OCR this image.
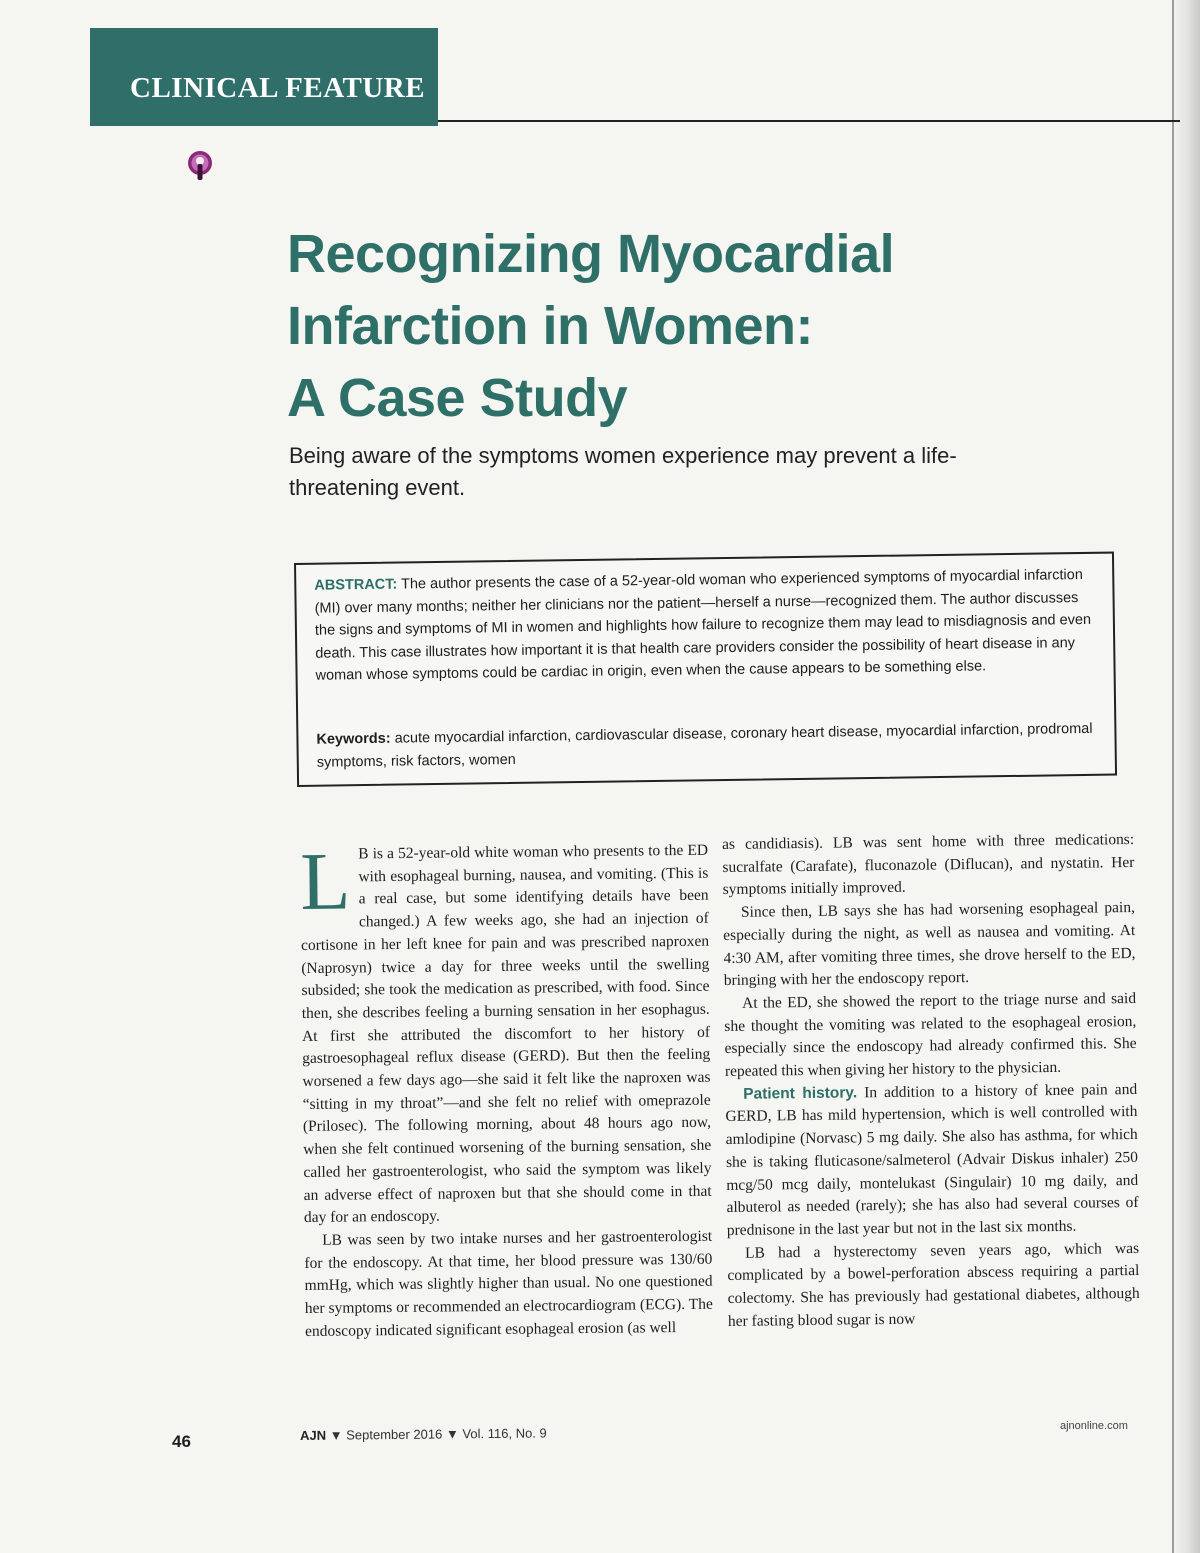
CLINICAL FEATURE
Recognizing Myocardial
Infarction in Women:
A Case Study
Being aware of the symptoms women experience may prevent a life-threatening event.
ABSTRACT: The author presents the case of a 52-year-old woman who experienced symptoms of myocardial infarction (MI) over many months; neither her clinicians nor the patient—herself a nurse—recognized them. The author discusses the signs and symptoms of MI in women and highlights how failure to recognize them may lead to misdiagnosis and even death. This case illustrates how important it is that health care providers consider the possibility of heart disease in any woman whose symptoms could be cardiac in origin, even when the cause appears to be something else.
Keywords: acute myocardial infarction, cardiovascular disease, coronary heart disease, myocardial infarction, prodromal symptoms, risk factors, women

L B is a 52-year-old white woman who presents to the ED with esophageal burning, nausea, and vomiting. (This is a real case, but some identifying details have been changed.) A few weeks ago, she had an injection of cortisone in her left knee for pain and was prescribed naproxen (Naprosyn) twice a day for three weeks until the swelling subsided; she took the medication as prescribed, with food. Since then, she describes feeling a burning sensation in her esophagus. At first she attributed the discomfort to her history of gastroesophageal reflux disease (GERD). But then the feeling worsened a few days ago—she said it felt like the naproxen was “sitting in my throat”—and she felt no relief with omeprazole (Prilosec). The following morning, about 48 hours ago now, when she felt continued worsening of the burning sensation, she called her gastroenterologist, who said the symptom was likely an adverse effect of naproxen but that she should come in that day for an endoscopy.

LB was seen by two intake nurses and her gastroenterologist for the endoscopy. At that time, her blood pressure was 130/60 mmHg, which was slightly higher than usual. No one questioned her symptoms or recommended an electrocardiogram (ECG). The endoscopy indicated significant esophageal erosion (as well

as candidiasis). LB was sent home with three medications: sucralfate (Carafate), fluconazole (Diflucan), and nystatin. Her symptoms initially improved.

Since then, LB says she has had worsening esophageal pain, especially during the night, as well as nausea and vomiting. At 4:30 AM, after vomiting three times, she drove herself to the ED, bringing with her the endoscopy report.

At the ED, she showed the report to the triage nurse and said she thought the vomiting was related to the esophageal erosion, especially since the endoscopy had already confirmed this. She repeated this when giving her history to the physician.

Patient history. In addition to a history of knee pain and GERD, LB has mild hypertension, which is well controlled with amlodipine (Norvasc) 5 mg daily. She also has asthma, for which she is taking fluticasone/salmeterol (Advair Diskus inhaler) 250 mcg/50 mcg daily, montelukast (Singulair) 10 mg daily, and albuterol as needed (rarely); she has also had several courses of prednisone in the last year but not in the last six months.

LB had a hysterectomy seven years ago, which was complicated by a bowel-perforation abscess requiring a partial colectomy. She has previously had gestational diabetes, although her fasting blood sugar is now

46	AJN ▼ September 2016 ▼ Vol. 116, No. 9	ajnonline.com
